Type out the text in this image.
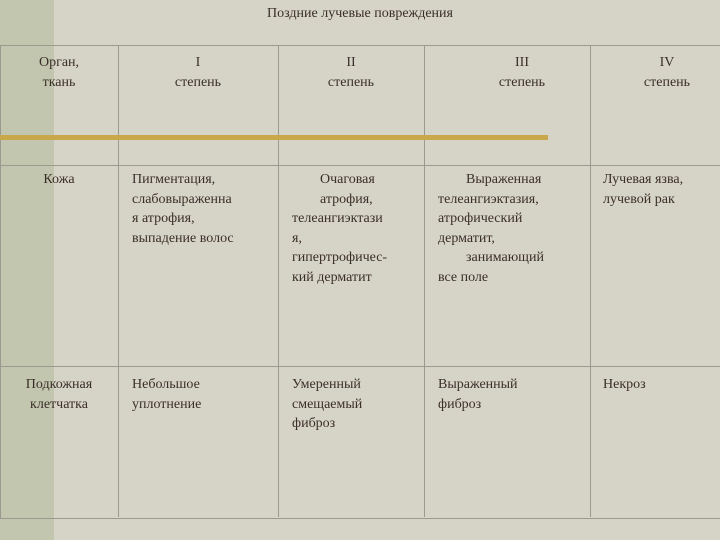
Поздние лучевые повреждения
Орган,
ткань
I
степень
II
степень
III
степень
IV
степень
Кожа	Пигментация,
слабовыраженна
я атрофия,
выпадение волос
Очаговая
атрофия,
телеангиэктази
я,
гипертрофичес-
кий дерматит
Выраженная
телеангиэктазия,
атрофический
дерматит,
занимающий
все поле
Лучевая язва,
лучевой рак
Подкожная
клетчатка
Небольшое
уплотнение
Умеренный
смещаемый
фиброз
Выраженный
фиброз
Некроз
